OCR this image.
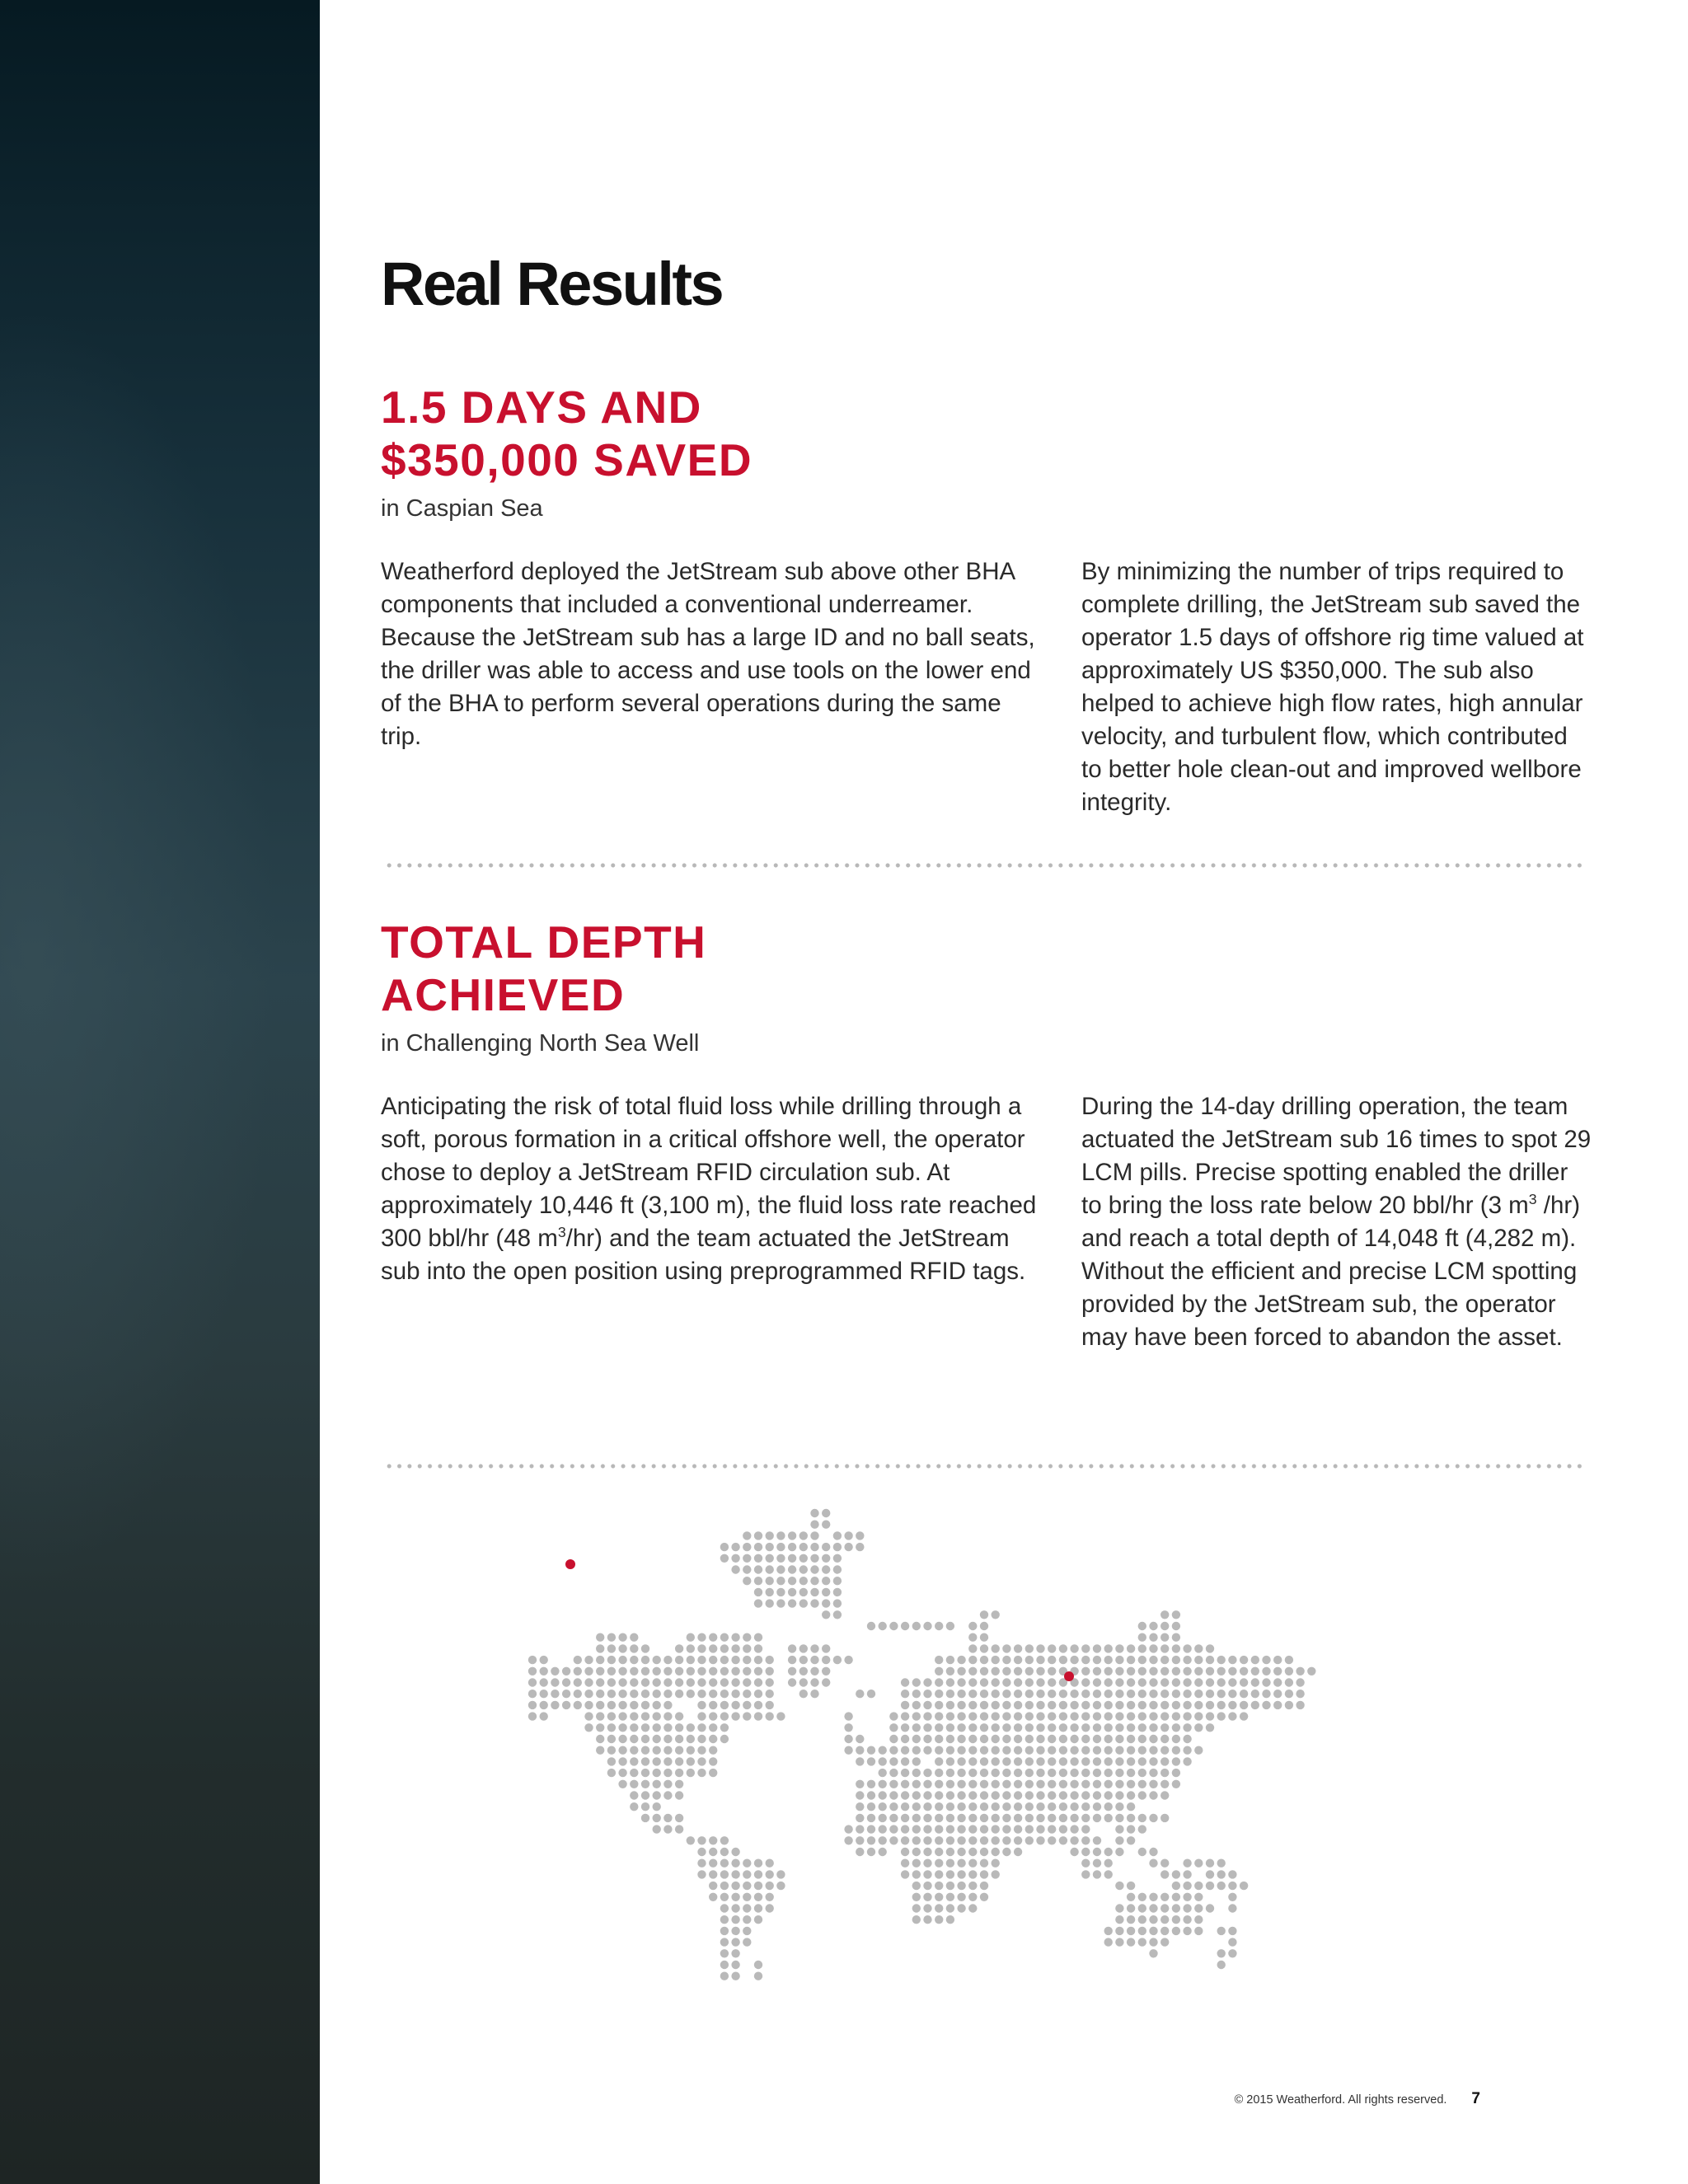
Real Results
1.5 DAYS AND
$350,000 SAVED
in Caspian Sea

Weatherford deployed the JetStream sub above other BHA components that included a conventional underreamer. Because the JetStream sub has a large ID and no ball seats, the driller was able to access and use tools on the lower end of the BHA to perform several operations during the same trip.

By minimizing the number of trips required to complete drilling, the JetStream sub saved the operator 1.5 days of offshore rig time valued at approximately US $350,000. The sub also helped to achieve high flow rates, high annular velocity, and turbulent flow, which contributed to better hole clean-out and improved wellbore integrity.

TOTAL DEPTH
ACHIEVED
in Challenging North Sea Well

Anticipating the risk of total fluid loss while drilling through a soft, porous formation in a critical offshore well, the operator chose to deploy a JetStream RFID circulation sub. At approximately 10,446 ft (3,100 m), the fluid loss rate reached 300 bbl/hr (48 $m^3/hr$) and the team actuated the JetStream sub into the open position using preprogrammed RFID tags.

During the 14-day drilling operation, the team actuated the JetStream sub 16 times to spot 29 LCM pills. Precise spotting enabled the driller to bring the loss rate below 20 bbl/hr (3 $m^3$ /hr) and reach a total depth of 14,048 ft (4,282 m). Without the efficient and precise LCM spotting provided by the JetStream sub, the operator may have been forced to abandon the asset.

© 2015 Weatherford. All rights reserved. 7
